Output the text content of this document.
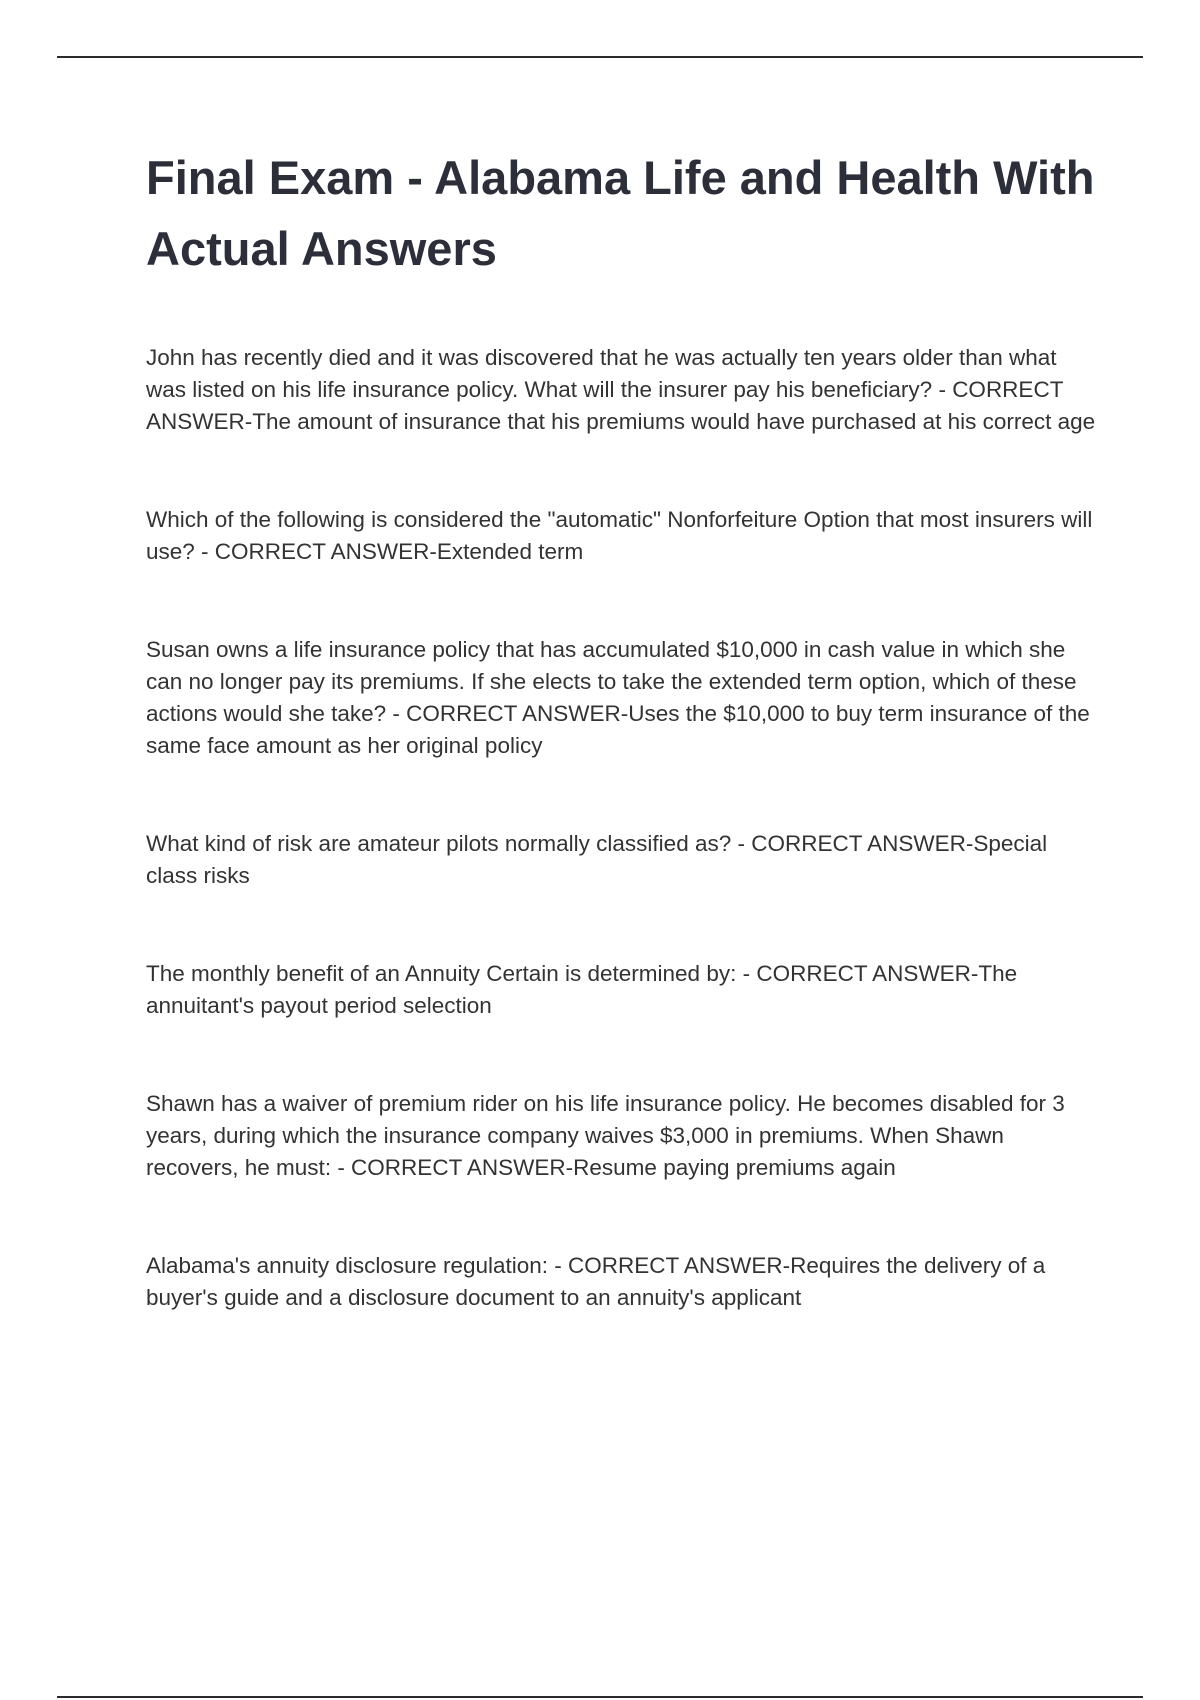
Final Exam - Alabama Life and Health With Actual Answers

John has recently died and it was discovered that he was actually ten years older than what was listed on his life insurance policy. What will the insurer pay his beneficiary? - CORRECT ANSWER-The amount of insurance that his premiums would have purchased at his correct age

Which of the following is considered the "automatic" Nonforfeiture Option that most insurers will use? - CORRECT ANSWER-Extended term

Susan owns a life insurance policy that has accumulated $10,000 in cash value in which she can no longer pay its premiums. If she elects to take the extended term option, which of these actions would she take? - CORRECT ANSWER-Uses the $10,000 to buy term insurance of the same face amount as her original policy

What kind of risk are amateur pilots normally classified as? - CORRECT ANSWER-Special class risks

The monthly benefit of an Annuity Certain is determined by: - CORRECT ANSWER-The annuitant's payout period selection

Shawn has a waiver of premium rider on his life insurance policy. He becomes disabled for 3 years, during which the insurance company waives $3,000 in premiums. When Shawn recovers, he must: - CORRECT ANSWER-Resume paying premiums again

Alabama's annuity disclosure regulation: - CORRECT ANSWER-Requires the delivery of a buyer's guide and a disclosure document to an annuity's applicant
